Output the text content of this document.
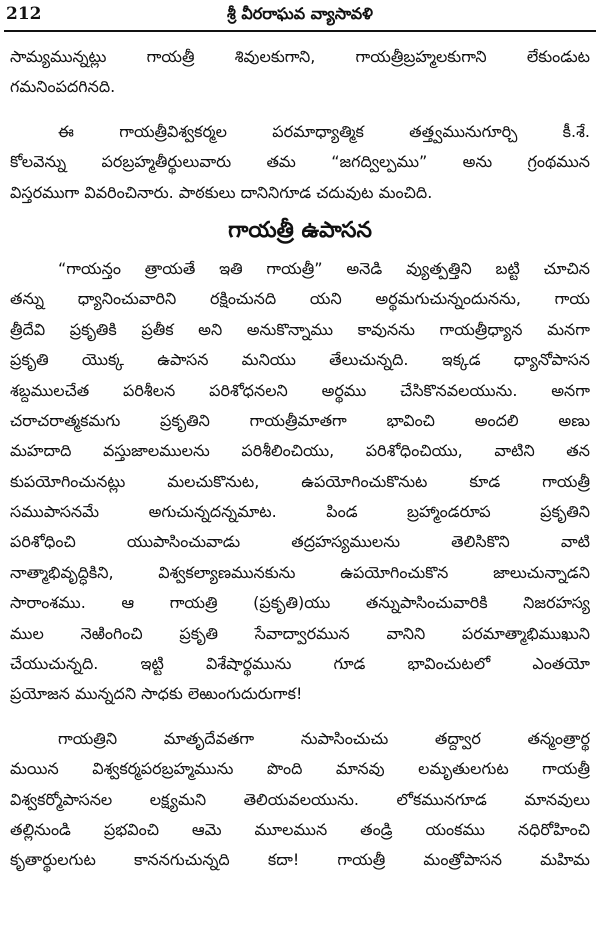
212	శ్రీ వీరరాఘవ వ్యాసావళి
సామ్యమున్నట్లు గాయత్రీ శివులకుగాని, గాయత్రీబ్రహ్మలకుగాని లేకుండుట
గమనింపదగినది.
ఈ గాయత్రీవిశ్వకర్మల పరమాధ్యాత్మిక తత్త్వమునుగూర్చి కీ.శే.
కోలవెన్ను పరబ్రహ్మతీర్థులువారు తమ “జగద్విల్పము” అను గ్రంథమున
విస్తరముగా వివరించినారు. పాఠకులు దానినిగూడ చదువుట మంచిది.
గాయత్రీ ఉపాసన
“గాయన్తం త్రాయతే ఇతి గాయత్రీ” అనెడి వ్యుత్పత్తిని బట్టి చూచిన
తన్ను ధ్యానించువారిని రక్షించునది యని అర్థమగుచున్నందునను, గాయ
త్రీదేవి ప్రకృతికి ప్రతీక అని అనుకొన్నాము కావునను గాయత్రీధ్యాన మనగా
ప్రకృతి యొక్క ఉపాసన మనియు తేలుచున్నది. ఇక్కడ ధ్యానోపాసన
శబ్దములచేత పరిశీలన పరిశోధనలని అర్థము చేసికొనవలయును. అనగా
చరాచరాత్మకమగు ప్రకృతిని గాయత్రీమాతగా భావించి అందలి అణు
మహదాది వస్తుజాలములను పరిశీలించియు, పరిశోధించియు, వాటిని తన
కుపయోగించునట్లు మలచుకొనుట, ఉపయోగించుకొనుట కూడ గాయత్రీ
సముపాసనమే అగుచున్నదన్నమాట. పిండ బ్రహ్మాండరూప ప్రకృతిని
పరిశోధించి యుపాసించువాడు తద్రహస్యములను తెలిసికొని వాటి
నాత్మాభివృద్ధికిని, విశ్వకల్యాణమునకును ఉపయోగించుకొన జాలుచున్నాడని
సారాంశము. ఆ గాయత్రి (ప్రకృతి)యు తన్నుపాసించువారికి నిజరహస్య
ముల నెఱింగించి ప్రకృతి సేవాద్వారమున వానిని పరమాత్మాభిముఖుని
చేయుచున్నది. ఇట్టి విశేషార్థమును గూడ భావించుటలో ఎంతయో
ప్రయోజన మున్నదని సాధకు లెఱుంగుదురుగాక!
గాయత్రిని మాతృదేవతగా నుపాసించుచు తద్ద్వార తన్మంత్రార్థ
మయిన విశ్వకర్మపరబ్రహ్మమును పొంది మానవు లమృతులగుట గాయత్రీ
విశ్వకర్మోపాసనల లక్ష్యమని తెలియవలయును. లోకమునగూడ మానవులు
తల్లినుండి ప్రభవించి ఆమె మూలమున తండ్రి యంకము నధిరోహించి
కృతార్థులగుట కాననగుచున్నది కదా! గాయత్రీ మంత్రోపాసన మహిమ
